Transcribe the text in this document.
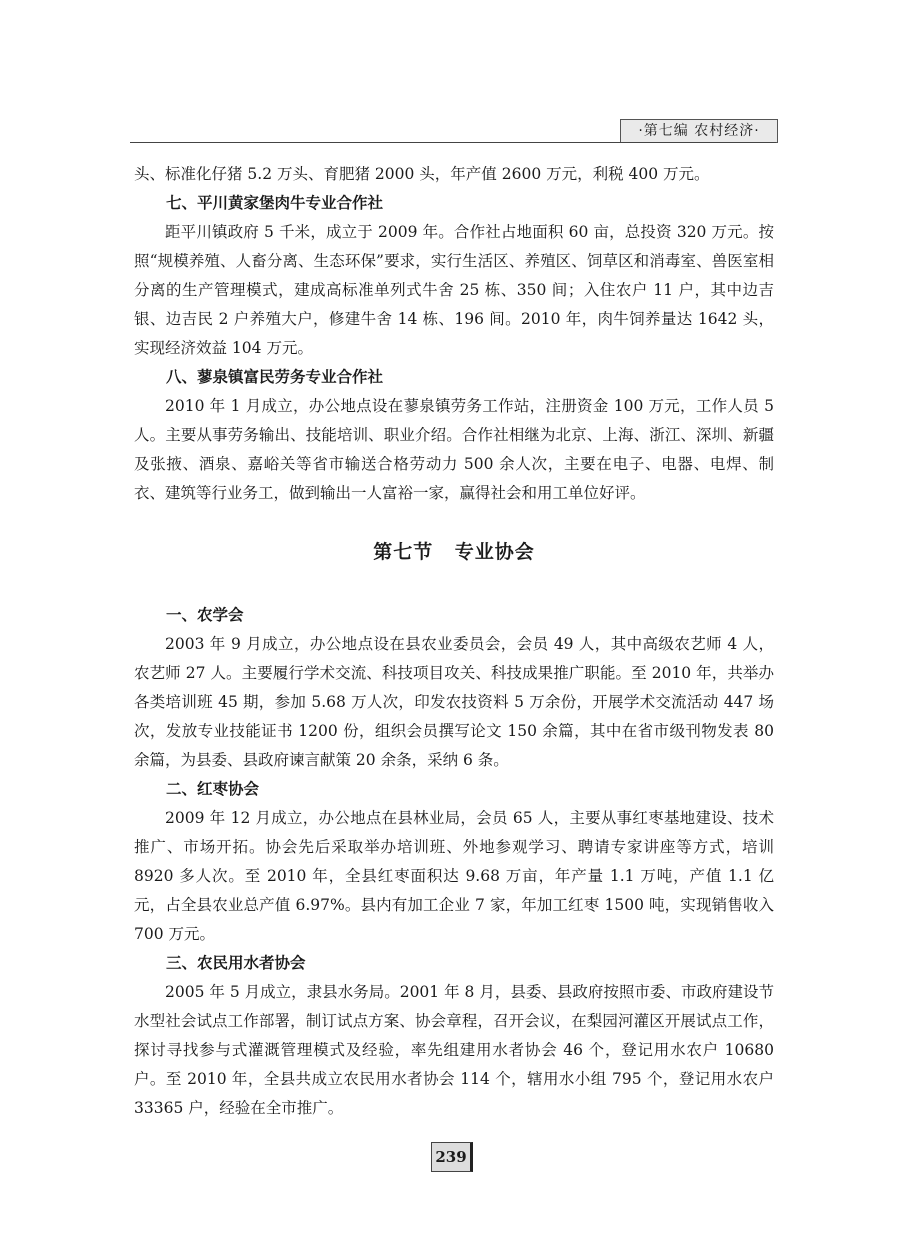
·第七编 农村经济·

头、标准化仔猪 5.2 万头、育肥猪 2000 头，年产值 2600 万元，利税 400 万元。

七、平川黄家堡肉牛专业合作社

距平川镇政府 5 千米，成立于 2009 年。合作社占地面积 60 亩，总投资 320 万元。按照“规模养殖、人畜分离、生态环保”要求，实行生活区、养殖区、饲草区和消毒室、兽医室相分离的生产管理模式，建成高标准单列式牛舍 25 栋、350 间；入住农户 11 户，其中边吉银、边吉民 2 户养殖大户，修建牛舍 14 栋、196 间。2010 年，肉牛饲养量达 1642 头，实现经济效益 104 万元。

八、蓼泉镇富民劳务专业合作社

2010 年 1 月成立，办公地点设在蓼泉镇劳务工作站，注册资金 100 万元，工作人员 5 人。主要从事劳务输出、技能培训、职业介绍。合作社相继为北京、上海、浙江、深圳、新疆及张掖、酒泉、嘉峪关等省市输送合格劳动力 500 余人次，主要在电子、电器、电焊、制衣、建筑等行业务工，做到输出一人富裕一家，赢得社会和用工单位好评。

第七节 专业协会
一、农学会

2003 年 9 月成立，办公地点设在县农业委员会，会员 49 人，其中高级农艺师 4 人，农艺师 27 人。主要履行学术交流、科技项目攻关、科技成果推广职能。至 2010 年，共举办各类培训班 45 期，参加 5.68 万人次，印发农技资料 5 万余份，开展学术交流活动 447 场次，发放专业技能证书 1200 份，组织会员撰写论文 150 余篇，其中在省市级刊物发表 80 余篇，为县委、县政府谏言献策 20 余条，采纳 6 条。

二、红枣协会

2009 年 12 月成立，办公地点在县林业局，会员 65 人，主要从事红枣基地建设、技术推广、市场开拓。协会先后采取举办培训班、外地参观学习、聘请专家讲座等方式，培训 8920 多人次。至 2010 年，全县红枣面积达 9.68 万亩，年产量 1.1 万吨，产值 1.1 亿元，占全县农业总产值 6.97%。县内有加工企业 7 家，年加工红枣 1500 吨，实现销售收入 700 万元。

三、农民用水者协会

2005 年 5 月成立，隶县水务局。2001 年 8 月，县委、县政府按照市委、市政府建设节水型社会试点工作部署，制订试点方案、协会章程，召开会议，在梨园河灌区开展试点工作，探讨寻找参与式灌溉管理模式及经验，率先组建用水者协会 46 个，登记用水农户 10680 户。至 2010 年，全县共成立农民用水者协会 114 个，辖用水小组 795 个，登记用水农户 33365 户，经验在全市推广。

239
